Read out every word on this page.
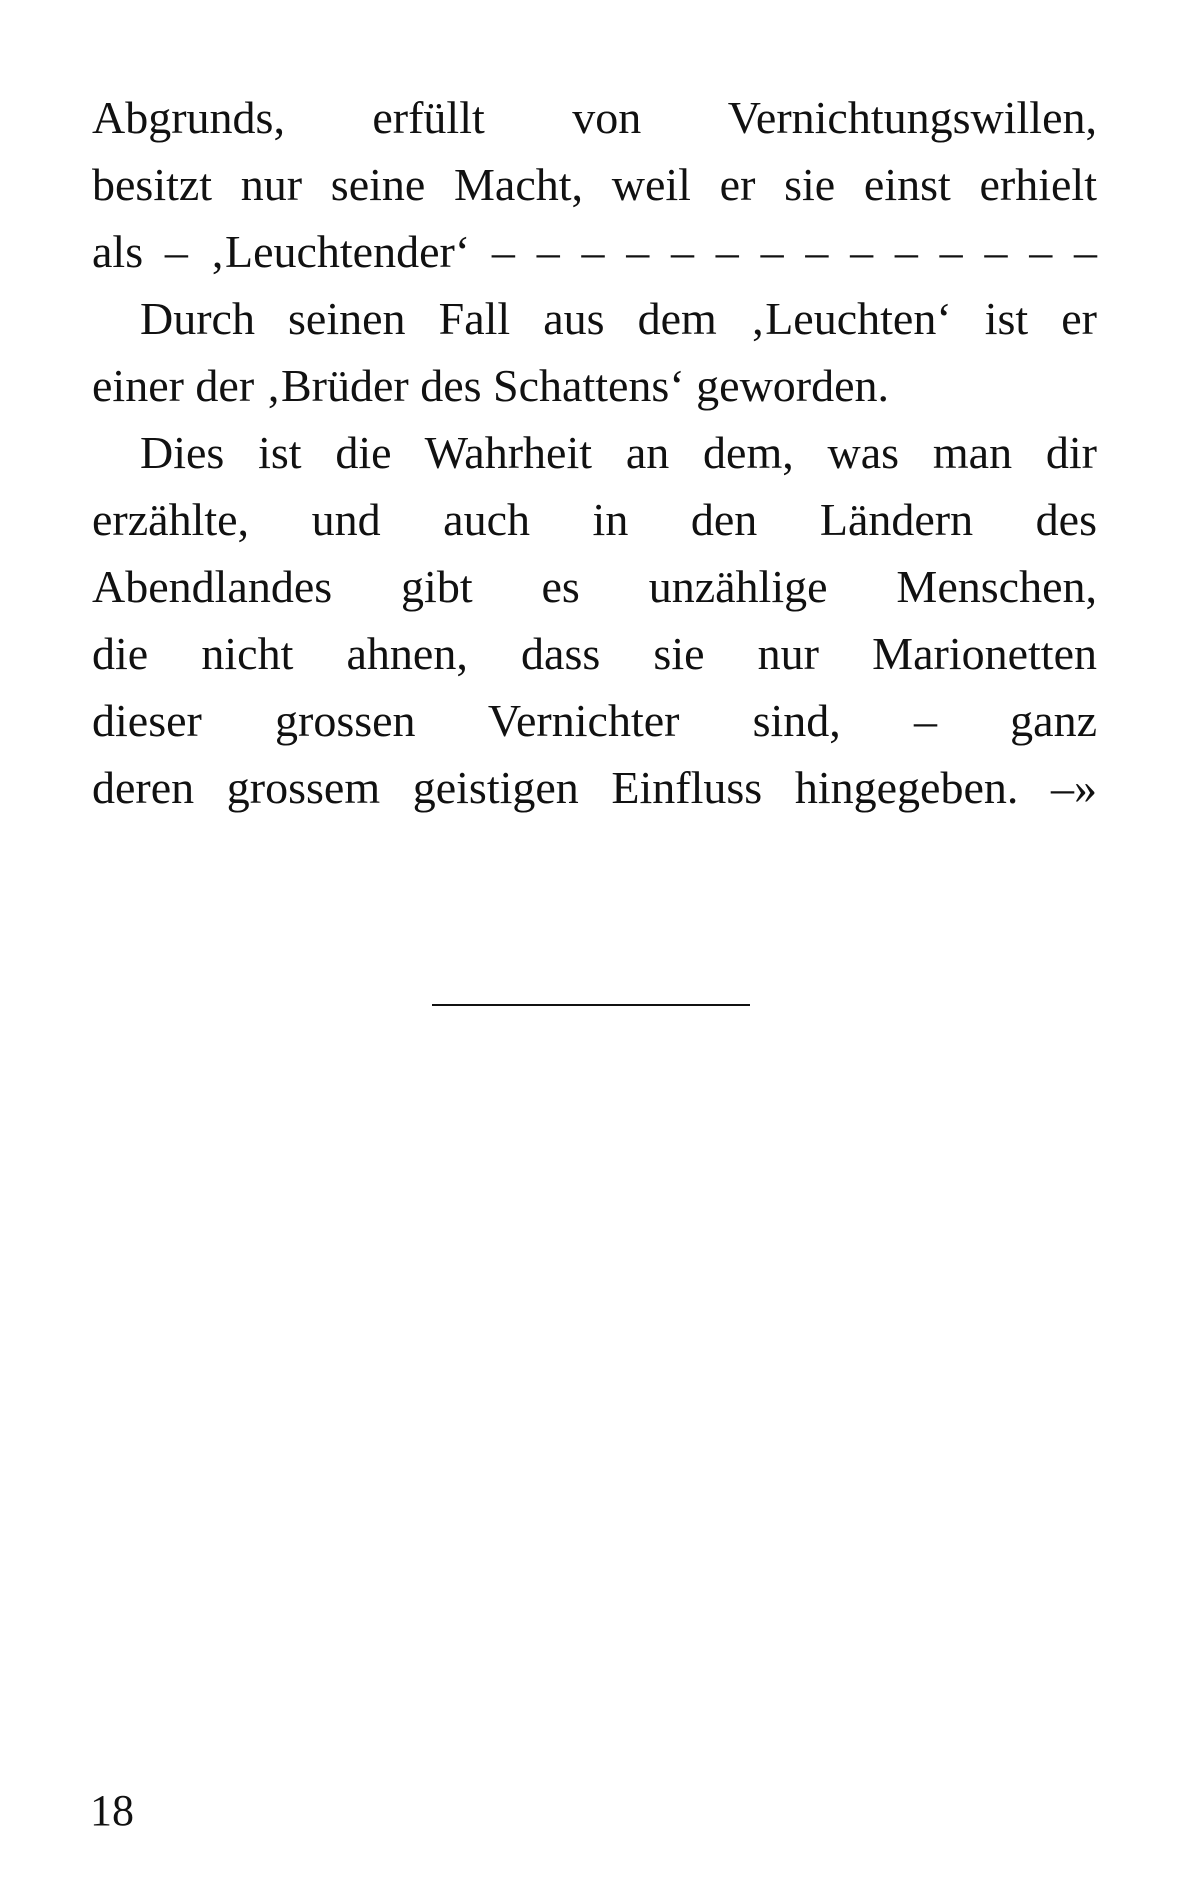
Abgrunds, erfüllt von Vernichtungswillen,
besitzt nur seine Macht, weil er sie einst erhielt
als – ‚Leuchtender‘ – – – – – – – – – – – – – –
Durch seinen Fall aus dem ‚Leuchten‘ ist er
einer der ‚Brüder des Schattens‘ geworden.
Dies ist die Wahrheit an dem, was man dir
erzählte, und auch in den Ländern des
Abendlandes gibt es unzählige Menschen,
die nicht ahnen, dass sie nur Marionetten
dieser grossen Vernichter sind, – ganz
deren grossem geistigen Einfluss hingegeben. –»
18
